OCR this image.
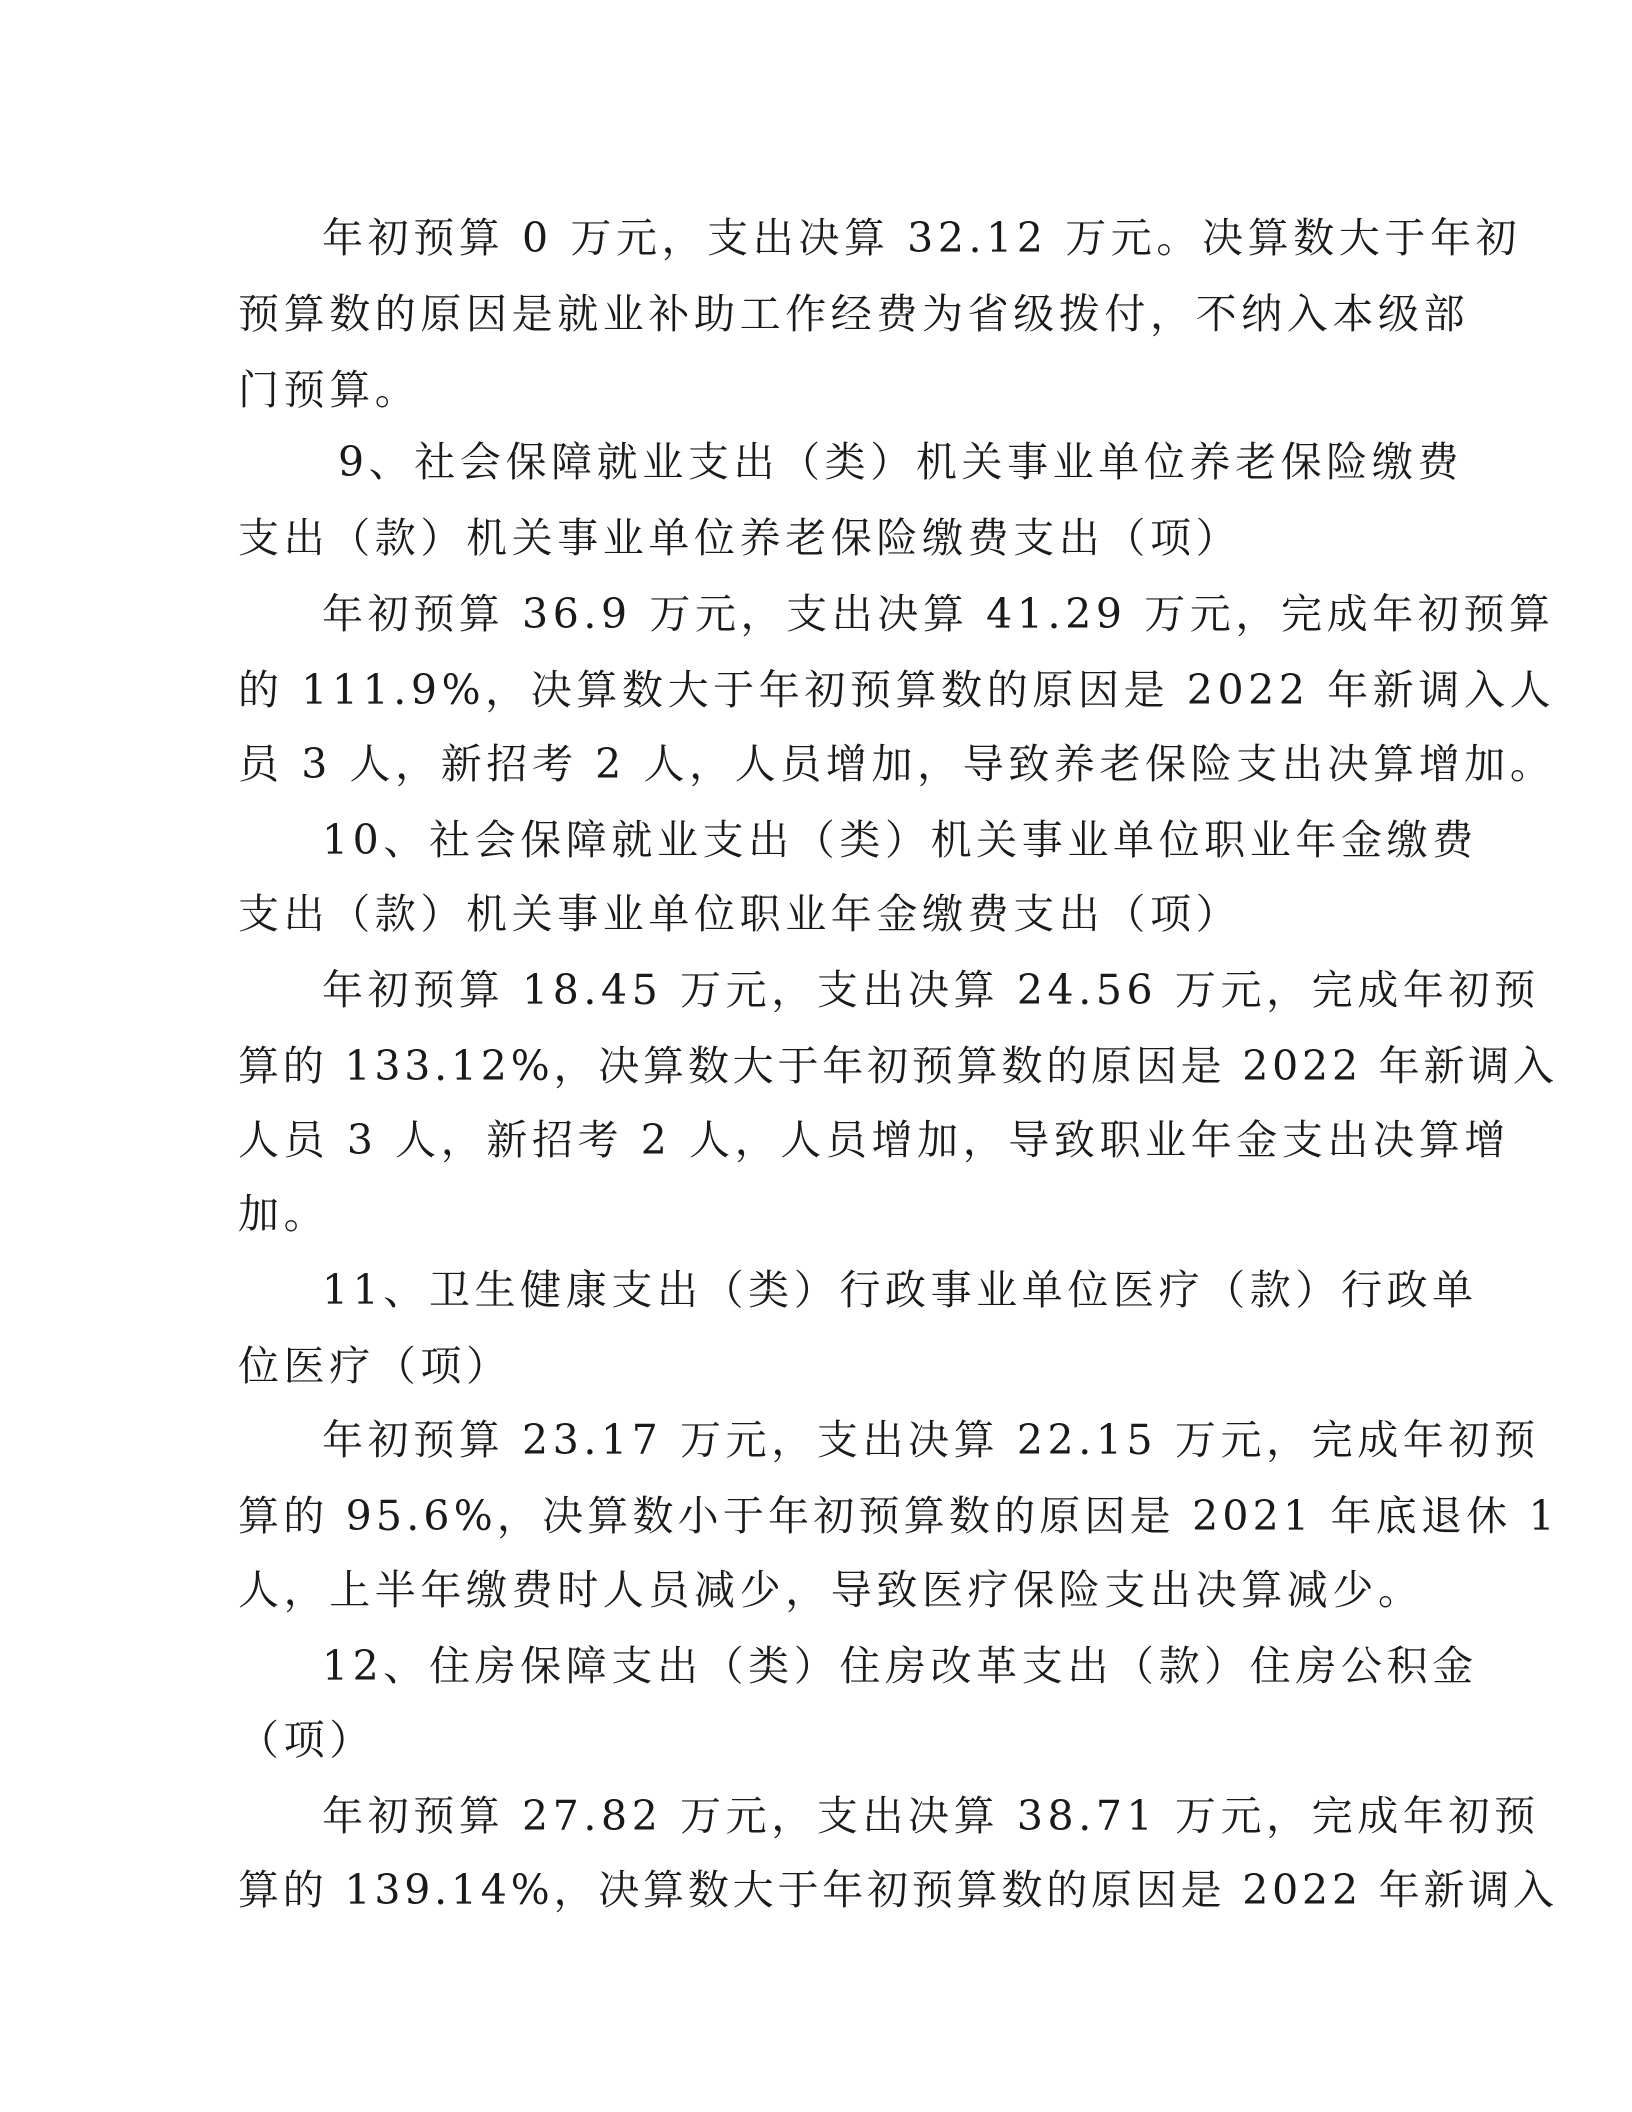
年初预算 0 万元，支出决算 32.12 万元。决算数大于年初
预算数的原因是就业补助工作经费为省级拨付，不纳入本级部
门预算。
9、社会保障就业支出（类）机关事业单位养老保险缴费
支出（款）机关事业单位养老保险缴费支出（项）
年初预算 36.9 万元，支出决算 41.29 万元，完成年初预算
的 111.9%，决算数大于年初预算数的原因是 2022 年新调入人
员 3 人，新招考 2 人，人员增加，导致养老保险支出决算增加。
10、社会保障就业支出（类）机关事业单位职业年金缴费
支出（款）机关事业单位职业年金缴费支出（项）
年初预算 18.45 万元，支出决算 24.56 万元，完成年初预
算的 133.12%，决算数大于年初预算数的原因是 2022 年新调入
人员 3 人，新招考 2 人，人员增加，导致职业年金支出决算增
加。
11、卫生健康支出（类）行政事业单位医疗（款）行政单
位医疗（项）
年初预算 23.17 万元，支出决算 22.15 万元，完成年初预
算的 95.6%，决算数小于年初预算数的原因是 2021 年底退休 1
人，上半年缴费时人员减少，导致医疗保险支出决算减少。
12、住房保障支出（类）住房改革支出（款）住房公积金
（项）
年初预算 27.82 万元，支出决算 38.71 万元，完成年初预
算的 139.14%，决算数大于年初预算数的原因是 2022 年新调入
